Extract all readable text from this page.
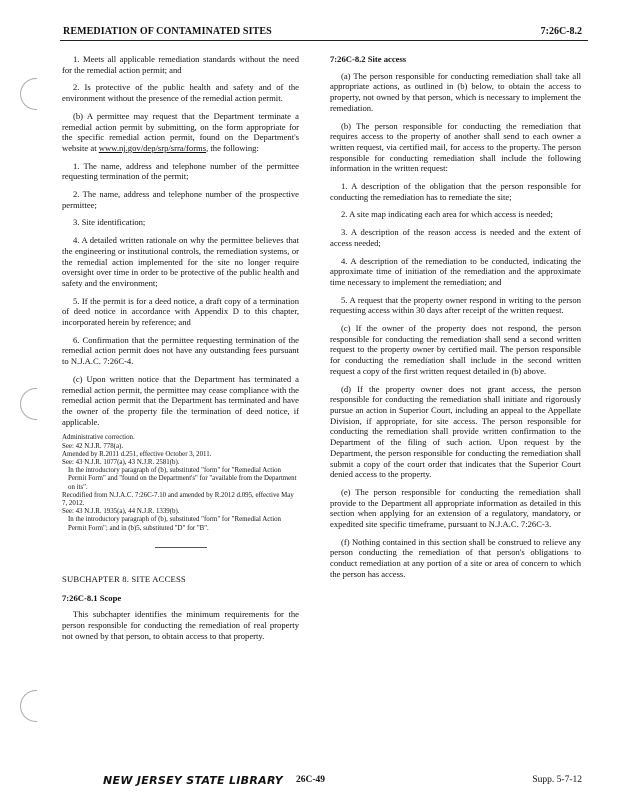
REMEDIATION OF CONTAMINATED SITES	7:26C-8.2

1. Meets all applicable remediation standards without the need for the remedial action permit; and

2. Is protective of the public health and safety and of the environment without the presence of the remedial action permit.

(b) A permittee may request that the Department terminate a remedial action permit by submitting, on the form appropriate for the specific remedial action permit, found on the Department's website at www.nj.gov/dep/srp/srra/forms, the following:

1. The name, address and telephone number of the permittee requesting termination of the permit;

2. The name, address and telephone number of the prospective permittee;

3. Site identification;

4. A detailed written rationale on why the permittee believes that the engineering or institutional controls, the remediation systems, or the remedial action implemented for the site no longer require oversight over time in order to be protective of the public health and safety and the environment;

5. If the permit is for a deed notice, a draft copy of a termination of deed notice in accordance with Appendix D to this chapter, incorporated herein by reference; and

6. Confirmation that the permittee requesting termination of the remedial action permit does not have any outstanding fees pursuant to N.J.A.C. 7:26C-4.

(c) Upon written notice that the Department has terminated a remedial action permit, the permittee may cease compliance with the remedial action permit that the Department has terminated and have the owner of the property file the termination of deed notice, if applicable.

Administrative correction.
See: 42 N.J.R. 778(a).
Amended by R.2011 d.251, effective October 3, 2011.
See: 43 N.J.R. 1077(a), 43 N.J.R. 2581(b).
In the introductory paragraph of (b), substituted "form" for "Remedial Action Permit Form" and "found on the Department's" for "available from the Department on its".
Recodified from N.J.A.C. 7:26C-7.10 and amended by R.2012 d.095, effective May 7, 2012.
See: 43 N.J.R. 1935(a), 44 N.J.R. 1339(b).
In the introductory paragraph of (b), substituted "form" for "Remedial Action Permit Form"; and in (b)5, substituted "D" for "B".
SUBCHAPTER 8. SITE ACCESS

7:26C-8.1 Scope

This subchapter identifies the minimum requirements for the person responsible for conducting the remediation of real property not owned by that person, to obtain access to that property.

7:26C-8.2 Site access

(a) The person responsible for conducting remediation shall take all appropriate actions, as outlined in (b) below, to obtain the access to property, not owned by that person, which is necessary to implement the remediation.

(b) The person responsible for conducting the remediation that requires access to the property of another shall send to each owner a written request, via certified mail, for access to the property. The person responsible for conducting remediation shall include the following information in the written request:

1. A description of the obligation that the person responsible for conducting the remediation has to remediate the site;

2. A site map indicating each area for which access is needed;

3. A description of the reason access is needed and the extent of access needed;

4. A description of the remediation to be conducted, indicating the approximate time of initiation of the remediation and the approximate time necessary to implement the remediation; and

5. A request that the property owner respond in writing to the person requesting access within 30 days after receipt of the written request.

(c) If the owner of the property does not respond, the person responsible for conducting the remediation shall send a second written request to the property owner by certified mail. The person responsible for conducting the remediation shall include in the second written request a copy of the first written request detailed in (b) above.

(d) If the property owner does not grant access, the person responsible for conducting the remediation shall initiate and rigorously pursue an action in Superior Court, including an appeal to the Appellate Division, if appropriate, for site access. The person responsible for conducting the remediation shall provide written confirmation to the Department of the filing of such action. Upon request by the Department, the person responsible for conducting the remediation shall submit a copy of the court order that indicates that the Superior Court denied access to the property.

(e) The person responsible for conducting the remediation shall provide to the Department all appropriate information as detailed in this section when applying for an extension of a regulatory, mandatory, or expedited site specific timeframe, pursuant to N.J.A.C. 7:26C-3.

(f) Nothing contained in this section shall be construed to relieve any person conducting the remediation of that person's obligations to conduct remediation at any portion of a site or area of concern to which the person has access.

NEW JERSEY STATE LIBRARY 26C-49	Supp. 5-7-12
